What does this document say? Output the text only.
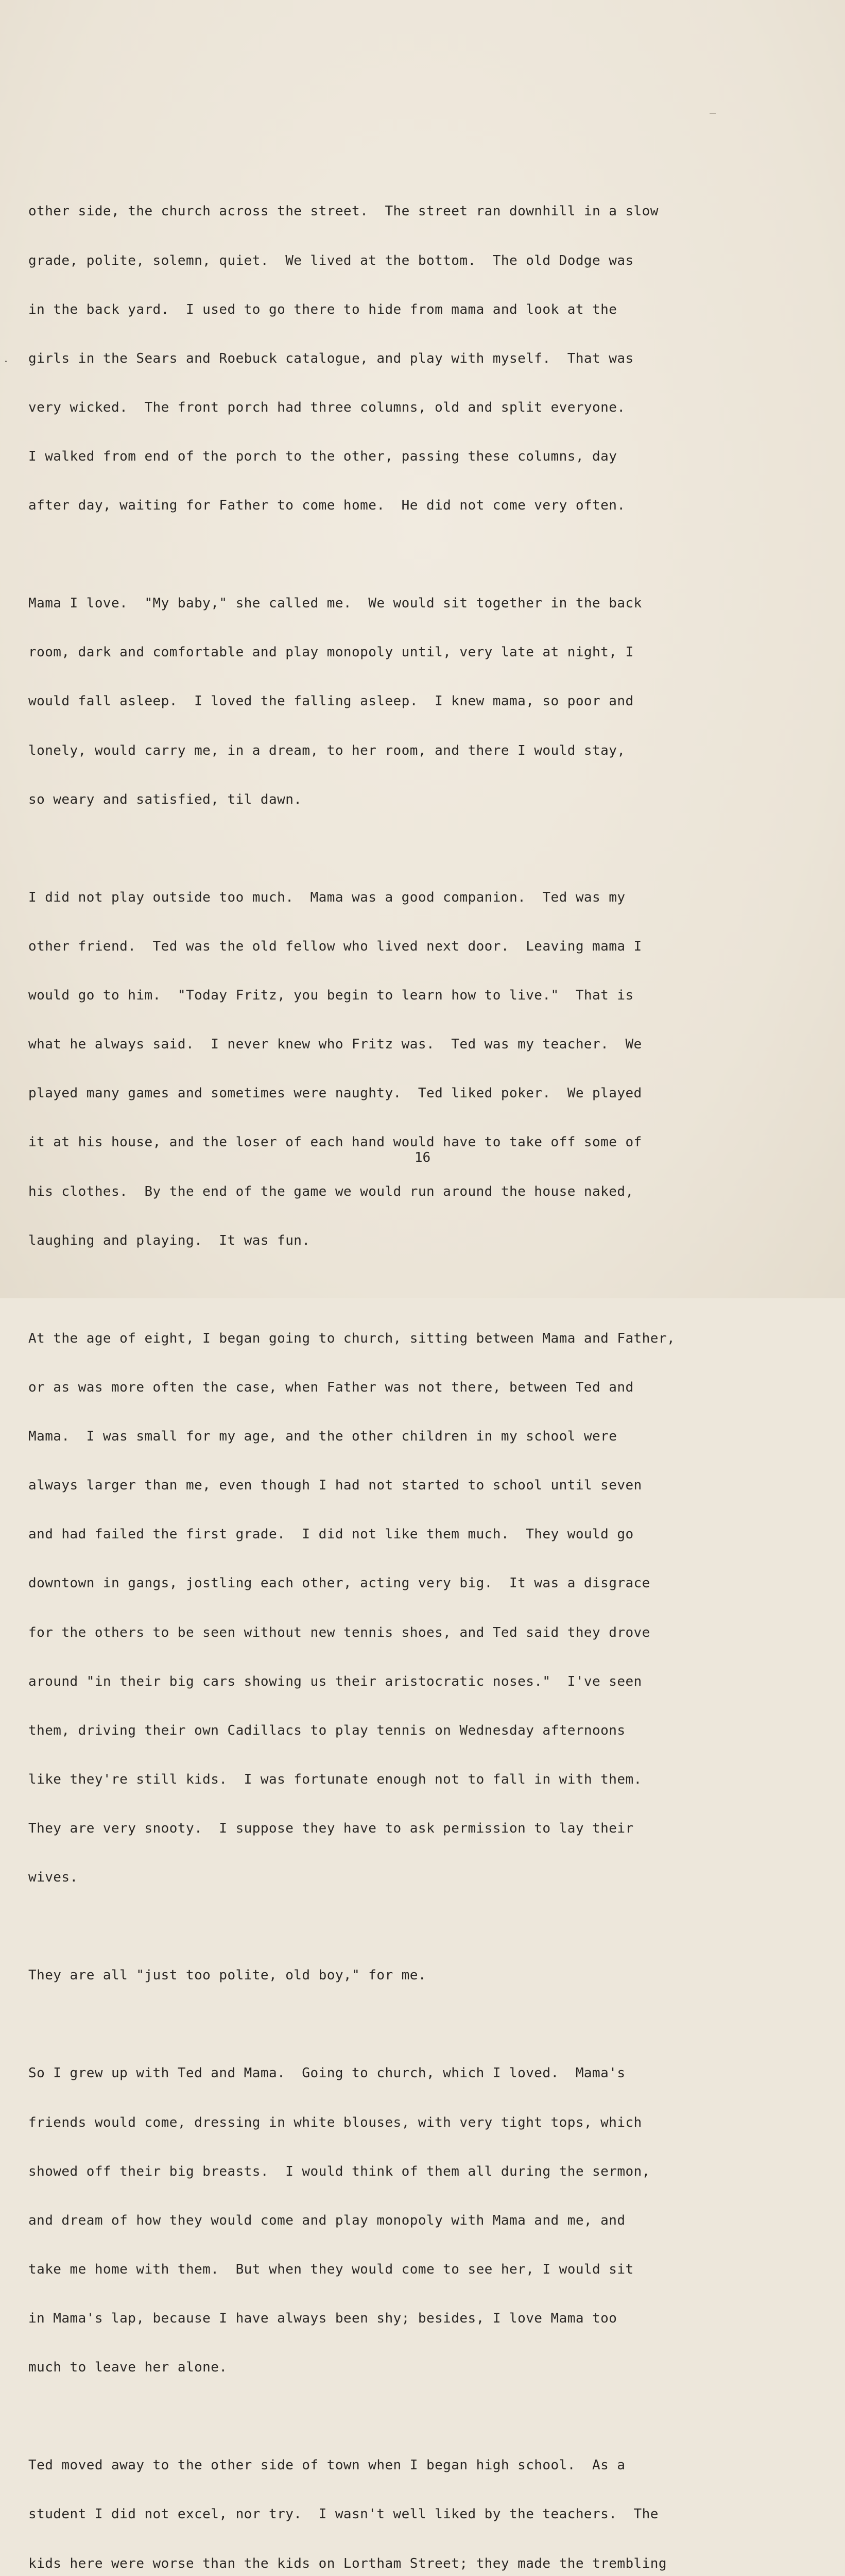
other side, the church across the street.  The street ran downhill in a slow

grade, polite, solemn, quiet.  We lived at the bottom.  The old Dodge was

in the back yard.  I used to go there to hide from mama and look at the

girls in the Sears and Roebuck catalogue, and play with myself.  That was

very wicked.  The front porch had three columns, old and split everyone.

I walked from end of the porch to the other, passing these columns, day

after day, waiting for Father to come home.  He did not come very often.

Mama I love.  "My baby," she called me.  We would sit together in the back

room, dark and comfortable and play monopoly until, very late at night, I

would fall asleep.  I loved the falling asleep.  I knew mama, so poor and

lonely, would carry me, in a dream, to her room, and there I would stay,

so weary and satisfied, til dawn.

I did not play outside too much.  Mama was a good companion.  Ted was my

other friend.  Ted was the old fellow who lived next door.  Leaving mama I

would go to him.  "Today Fritz, you begin to learn how to live."  That is

what he always said.  I never knew who Fritz was.  Ted was my teacher.  We

played many games and sometimes were naughty.  Ted liked poker.  We played

it at his house, and the loser of each hand would have to take off some of

his clothes.  By the end of the game we would run around the house naked,

laughing and playing.  It was fun.

At the age of eight, I began going to church, sitting between Mama and Father,

or as was more often the case, when Father was not there, between Ted and

Mama.  I was small for my age, and the other children in my school were

always larger than me, even though I had not started to school until seven

and had failed the first grade.  I did not like them much.  They would go

downtown in gangs, jostling each other, acting very big.  It was a disgrace

for the others to be seen without new tennis shoes, and Ted said they drove

around "in their big cars showing us their aristocratic noses."  I've seen

them, driving their own Cadillacs to play tennis on Wednesday afternoons

like they're still kids.  I was fortunate enough not to fall in with them.

They are very snooty.  I suppose they have to ask permission to lay their

wives.

They are all "just too polite, old boy," for me.

So I grew up with Ted and Mama.  Going to church, which I loved.  Mama's

friends would come, dressing in white blouses, with very tight tops, which

showed off their big breasts.  I would think of them all during the sermon,

and dream of how they would come and play monopoly with Mama and me, and

take me home with them.  But when they would come to see her, I would sit

in Mama's lap, because I have always been shy; besides, I love Mama too

much to leave her alone.

Ted moved away to the other side of town when I began high school.  As a

student I did not excel, nor try.  I wasn't well liked by the teachers.  The

kids here were worse than the kids on Lortham Street; they made the trembling

16
